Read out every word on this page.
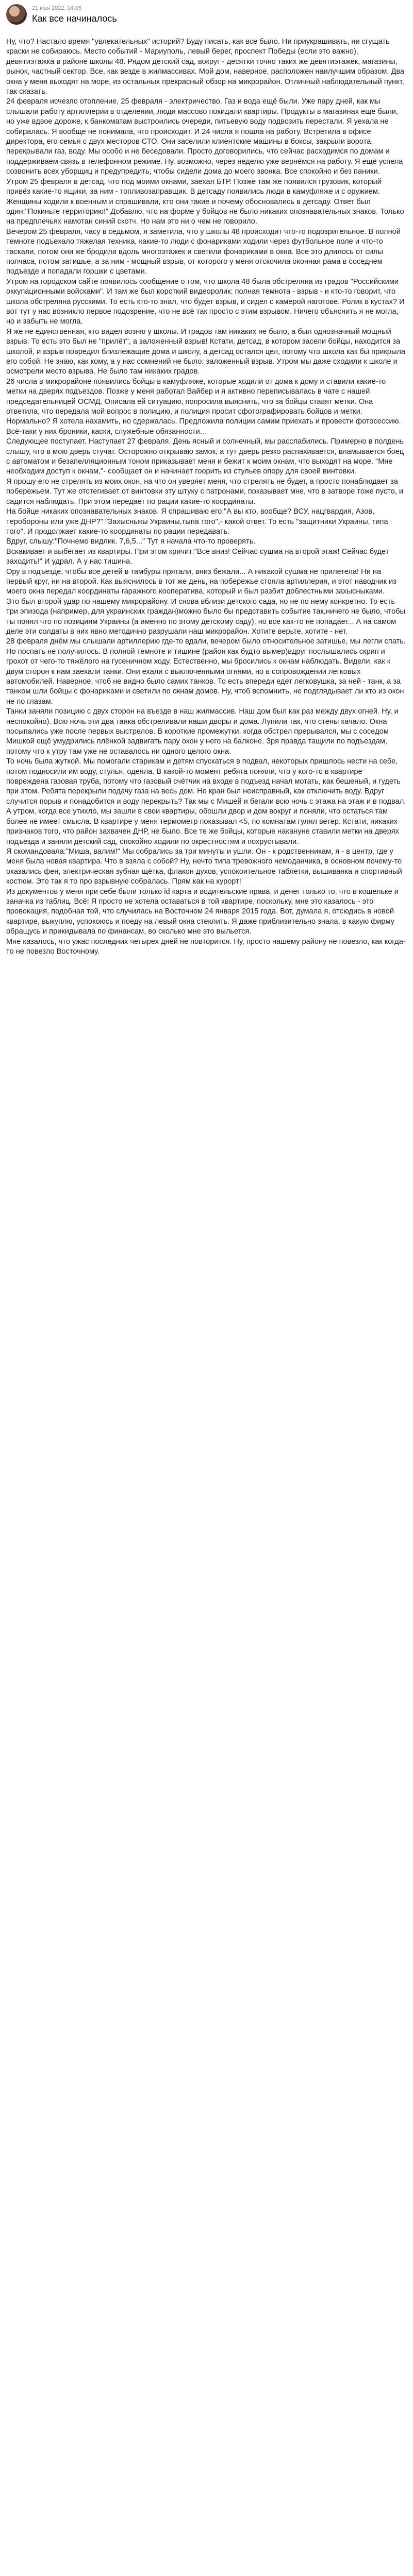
21 мая 2022, 14:05
Как все начиналось

Ну, что? Настало время "увлекательных" историй? Буду писать, как все было. Ни приукрашивать, ни сгущать краски не собираюсь. Место событий - Мариуполь, левый берег, проспект Победы (если это важно), девятиэтажка в районе школы 48. Рядом детский сад, вокруг - десятки точно таких же девятиэтажек, магазины, рынок, частный сектор. Все, как везде в жилмассивах. Мой дом, наверное, расположен наилучшим образом. Два окна у меня выходят на море, из остальных прекрасный обзор на микрорайон. Отличный наблюдательный пункт, так сказать.

24 февраля исчезло отопление, 25 февраля - электричество. Газ и вода ещё были. Уже пару дней, как мы слышали работу артиллерии в отделении, люди массово покидали квартиры. Продукты в магазинах ещё были, но уже вдвое дороже, к банкоматам выстроились очереди, питьевую воду подвозить перестали. Я уехала не собиралась. Я вообще не понимала, что происходит. И 24 числа я пошла на работу. Встретила в офисе директора, его семья с двух месторов СТО. Они заселили клиентские машины в боксы, закрыли ворота, перекрывали газ, воду. Мы особо и не беседовали. Просто договорились, что сейчас расходимся по домам и поддерживаем связь в телефонном режиме. Ну, возможно, через неделю уже вернёмся на работу. Я ещё успела созвонить всех уборщиц и предупредить, чтобы сидели дома до моего звонка. Все спокойно и без паники.

Утром 25 февраля в детсад, что под моими окнами, заехал БТР. Позже там же появился грузовик, который привёз какие-то ящики, за ним - топливозаправщик. В детсаду появились люди в камуфляже и с оружием. Женщины ходили к военным и спрашивали, кто они такие и почему обосновались в детсаду. Ответ был один:"Покиньте территорию!" Добавлю, что на форме у бойцов не было никаких опознавательных знаков. Только на предплечьях намотан синий скотч. Но нам это ни о чем не говорило.

Вечером 25 февраля, часу в седьмом, я заметила, что у школы 48 происходит что-то подозрительное. В полной темноте подъехало тяжелая техника, какие-то люди с фонариками ходили через футбольное поле и что-то таскали, потом они же бродили вдоль многоэтажек и светили фонариками в окна. Все это длилось от силы полчаса, потом затишье, а за ним - мощный взрыв, от которого у меня отскочила оконная рама в соседнем подъезде и попадали горшки с цветами.

Утром на городском сайте появилось сообщение о том, что школа 48 была обстреляна из градов "Российскими оккупационными войсками". И там же был короткий видеоролик: полная темнота - взрыв - и кто-то говорит, что школа обстреляна русскими. То есть кто-то знал, что будет взрыв, и сидел с камерой наготове. Ролик в кустах? И вот тут у нас возникло первое подозрение, что не всё так просто с этим взрывом. Ничего объяснить я не могла, но и забыть не могла.

Я же не единственная, кто видел возню у школы. И градов там никаких не было, а был однозначный мощный взрыв. То есть это был не "прилёт", а заложенный взрыв! Кстати, детсад, в котором засели бойцы, находится за школой, и взрыв повредил близлежащие дома и школу, а детсад остался цел, потому что школа как бы прикрыла его собой. Не знаю, как кому, а у нас сомнений не было: заложенный взрыв. Утром мы даже сходили к школе и осмотрели место взрыва. Не было там никаких градов.

26 числа в микрорайоне появились бойцы в камуфляже, которые ходили от дома к дому и ставили какие-то метки на дверях подъездов. Позже у меня работал Вайбер и я активно переписывалась в чате с нашей председательницей ОСМД. Описала ей ситуацию, попросила выяснить, что за бойцы ставят метки. Она ответила, что передала мой вопрос в полицию, и полиция просит сфотографировать бойцов и метки. Нормально? Я хотела нахамить, но сдержалась. Предложила полиции самим приехать и провести фотосессию. Всё-таки у них броники, каски, служебные обязанности...

Следующее поступает. Наступает 27 февраля. День ясный и солнечный, мы расслабились. Примерно в полдень слышу, что в мою дверь стучат. Осторожно открываю замок, а тут дверь резко распахивается, вламывается боец с автоматом и безапелляционным тоном приказывает меня и бежит к моим окнам, что выходят на море. "Мне необходим доступ к окнам,"- сообщает он и начинает гоорить из стульев опору для своей винтовки.

Я прошу его не стрелять из моих окон, на что он уверяет меня, что стрелять не будет, а просто понаблюдает за побережьем. Тут же отстегивает от винтовки эту штуку с патронами, показывает мне, что в затворе тоже пусто, и садится наблюдать. При этом передает по рации какие-то координаты.

На бойце никаких опознавательных знаков. Я спрашиваю его:"А вы кто, вообще? ВСУ, нацгвардия, Азов, теробороны или уже ДНР?" "Захысныкы Украины,тыпа того",- какой ответ. То есть "защитники Украины, типа того". И продолжает какие-то координаты по рации передавать.

Вдруг, слышу:"Почнемо видлик. 7,6,5..." Тут я начала что-то проверять.

Вскакивает и выбегает из квартиры. При этом кричит:"Все вниз! Сейчас сушма на второй этаж! Сейчас будет заходить!" И удрал. А у нас тишина.

Ору в подъезде, чтобы все детей в тамбуры прятали, вниз бежали... А никакой сушма не прилетела! Ни на первый круг, ни на второй. Как выяснилось в тот же день, на побережье стояла артиллерия, и этот наводчик из моего окна передал координаты гаражного кооператива, который и был разбит доблестными захысныками.

Это был второй удар по нашему микрорайону. И снова вблизи детского сада, но не по нему конкретно. То есть три эпизода (например, для украинских граждан)можно было бы представить событие так,ничего не было, чтобы ты понял что по позициям Украины (а именно по этому детскому саду), но все как-то не попадает... А на самом деле эти солдаты в них явно методично разрушали наш микрорайон. Хотите верьте, хотите - нет.

28 февраля днём мы слышали артиллерию где-то вдали, вечером было относительное затишье, мы легли спать.

Но поспать не получилось. В полной темноте и тишине (район как будто вымер)вдруг послышались скрип и грохот от чего-то тяжёлого на гусеничном ходу. Естественно, мы бросились к окнам наблюдать. Видели, как к двум сторон к нам заехали танки. Они ехали с выключенными огнями, но в сопровождении легковых автомобилей. Наверное, чтоб не видно было самих танков. То есть впереди едет легковушка, за ней - танк, а за танком шли бойцы с фонариками и светили по окнам домов. Ну, чтоб вспомнить, не подглядывает ли кто из окон не по глазам.

Танки заняли позицию с двух сторон на въезде в наш жилмассив. Наш дом был как раз между двух огней. Ну, и неспокойно). Всю ночь эти два танка обстреливали наши дворы и дома. Лупили так, что стены качало. Окна посыпались уже после первых выстрелов. В короткие промежутки, когда обстрел прерывался, мы с соседом Мишкой ещё умудрились плёнкой задвигать пару окон у него на балконе. Зря правда тащили по подъездам, потому что к утру там уже не оставалось ни одного целого окна.

То ночь была жуткой. Мы помогали старикам и детям спускаться в подвал, некоторых пришлось нести на себе, потом подносили им воду, стулья, одеяла. В какой-то момент ребята поняли, что у кого-то в квартире повреждена газовая труба, потому что газовый счётчик на входе в подъезд начал мотать, как бешеный, и гудеть при этом. Ребята перекрыли подачу газа на весь дом. Но кран был неисправный, как отключить воду. Вдруг случится порыв и понадобится и воду перекрыть? Так мы с Мишей и бегали всю ночь с этажа на этаж и в подвал.

А утром, когда все утихло, мы зашли в свои квартиры, обошли двор и дом вокруг и поняли, что остаться там более не имеет смысла. В квартире у меня термометр показывал <5, по комнатам гулял ветер. Кстати, никаких признаков того, что район захвачен ДНР, не было. Все те же бойцы, которые накануне ставили метки на дверях подъезда и заняли детский сад, спокойно ходили по окрестностям и похрустывали.

Я скомандовала:"Миша, валим!" Мы собрались за три минуты и ушли. Он - к родственникам, я - в центр, где у меня была новая квартира. Что в взяла с собой? Ну, нечто типа тревожного чемоданчика, в основном почему-то оказались фен, электрическая зубная щётка, флакон духов, успокоительное таблетки, вышиванка и спортивный костюм. Это так я то про взрывную собралась. Прям как на курорт!

Из документов у меня при себе были только id карта и водительские права, и денег только то, что в кошельке и заначка из таблиц. Всё! Я просто не хотела оставаться в той квартире, поскольку, мне это казалось - это провокация, подобная той, что случилась на Восточном 24 января 2015 года. Вот, думала я, отсюдись в новой квартире, выкуплю, успокоюсь и поеду на левый окна стеклить. Я даже приблизительно знала, в какую фирму обращусь и прикидывала по финансам, во сколько мне это выльется.

Мне казалось, что ужас последних четырех дней не повторится. Ну, просто нашему району не повезло, как когда-то не повезло Восточному.
